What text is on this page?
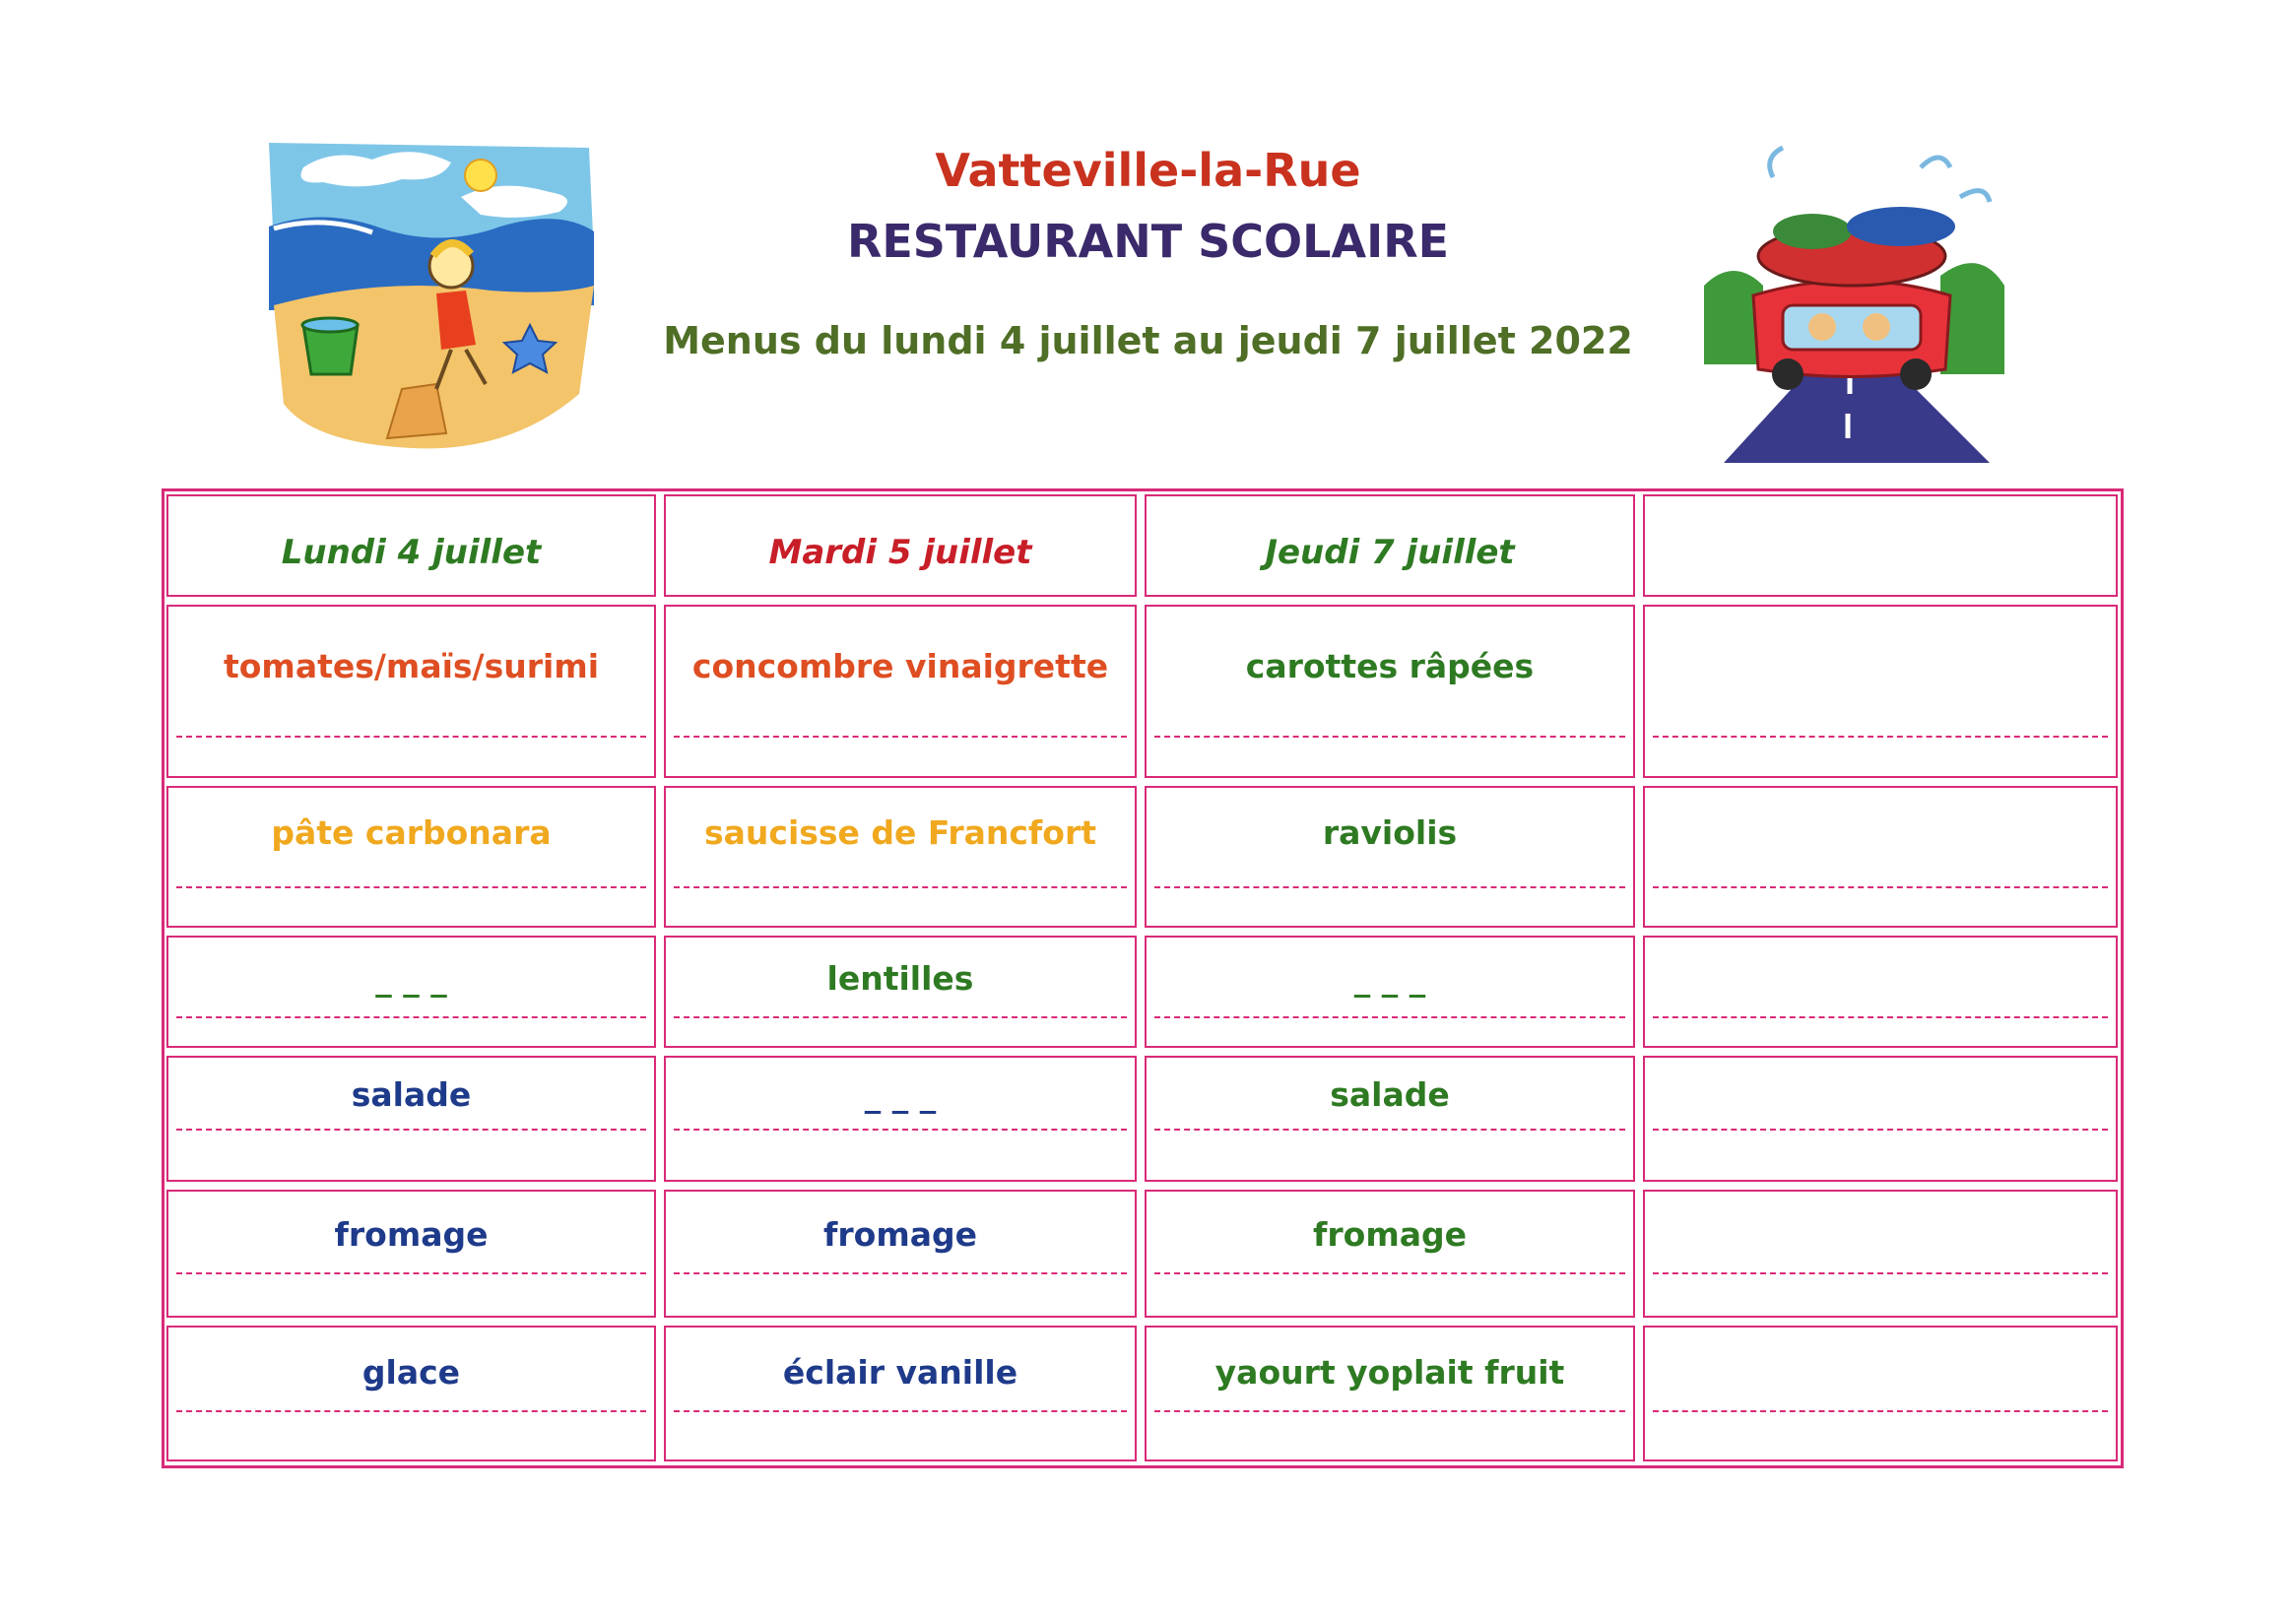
Vatteville-la-Rue
RESTAURANT SCOLAIRE
Menus du lundi 4 juillet au jeudi 7 juillet 2022
Lundi 4 juillet	Mardi 5 juillet	Jeudi 7 juillet
tomates/maïs/surimi	concombre vinaigrette	carottes râpées
pâte carbonara	saucisse de Francfort	raviolis
_ _ _	lentilles	_ _ _
salade	_ _ _	salade
fromage	fromage	fromage
glace	éclair vanille	yaourt yoplait fruit
